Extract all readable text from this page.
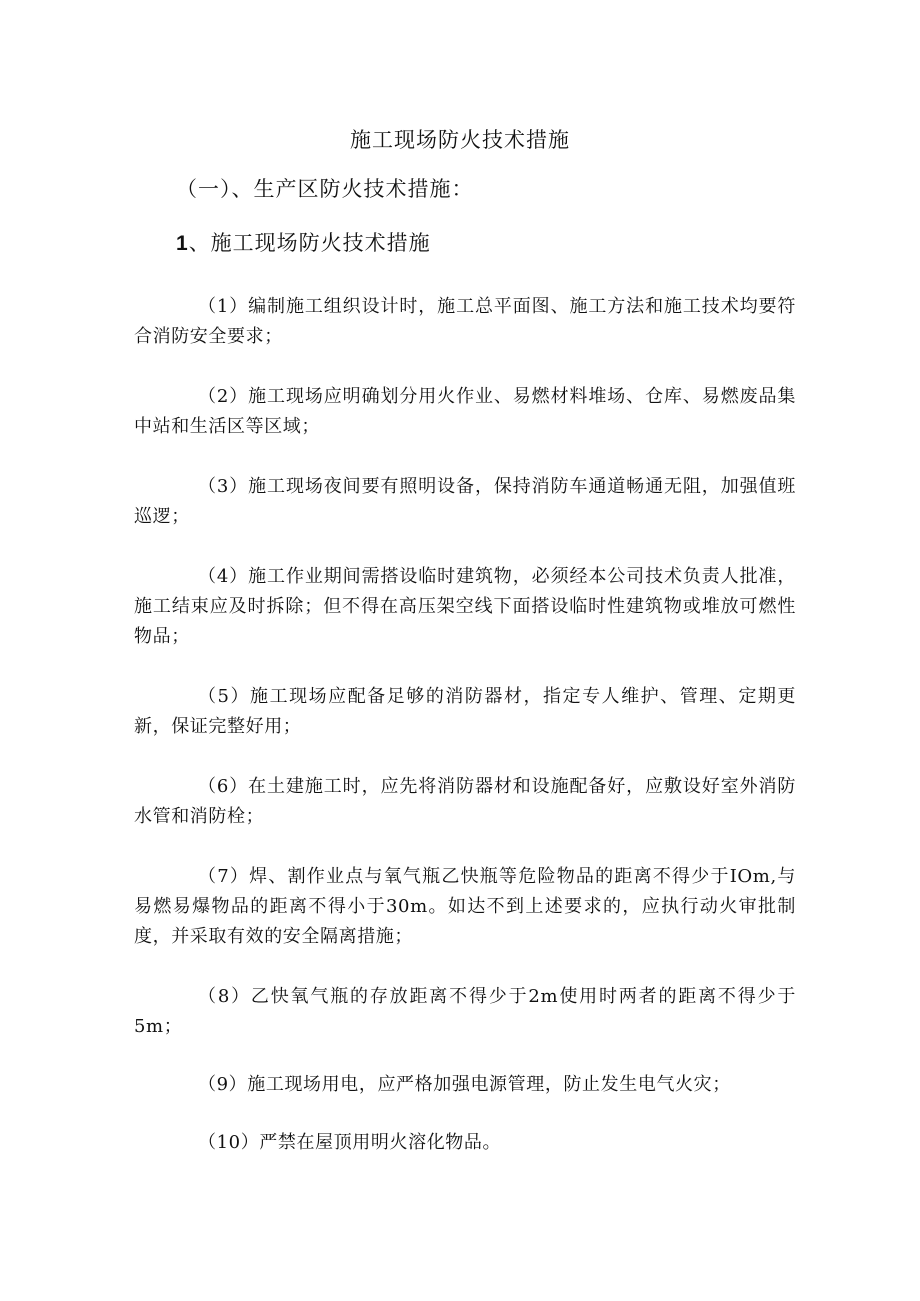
施工现场防火技术措施
（一）、生产区防火技术措施：
1、施工现场防火技术措施

（1）编制施工组织设计时，施工总平面图、施工方法和施工技术均要符合消防安全要求；

（2）施工现场应明确划分用火作业、易燃材料堆场、仓库、易燃废品集中站和生活区等区域；

（3）施工现场夜间要有照明设备，保持消防车通道畅通无阻，加强值班巡逻；

（4）施工作业期间需搭设临时建筑物，必须经本公司技术负责人批准，施工结束应及时拆除；但不得在高压架空线下面搭设临时性建筑物或堆放可燃性物品；

（5）施工现场应配备足够的消防器材，指定专人维护、管理、定期更新，保证完整好用；

（6）在土建施工时，应先将消防器材和设施配备好，应敷设好室外消防水管和消防栓；

（7）焊、割作业点与氧气瓶乙快瓶等危险物品的距离不得少于IOm,与易燃易爆物品的距离不得小于30m。如达不到上述要求的，应执行动火审批制度，并采取有效的安全隔离措施；

（8）乙快氧气瓶的存放距离不得少于2m使用时两者的距离不得少于5m；

（9）施工现场用电，应严格加强电源管理，防止发生电气火灾；

（10）严禁在屋顶用明火溶化物品。
